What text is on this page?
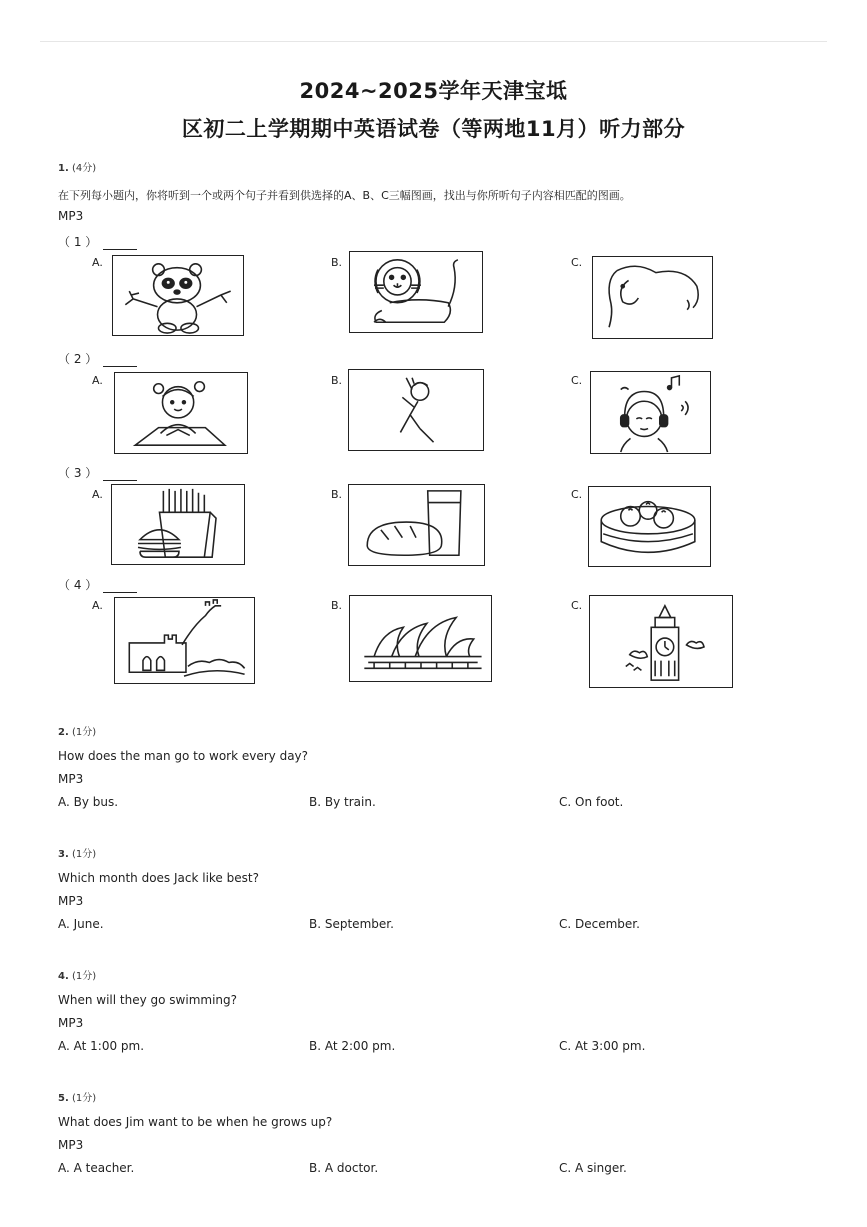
2024~2025学年天津宝坻
区初二上学期期中英语试卷（等两地11月）听力部分
1. (4分)
在下列每小题内，你将听到一个或两个句子并看到供选择的A、B、C三幅图画，找出与你所听句子内容相匹配的图画。
MP3
（ 1 ）
A.	B.	C.
（ 2 ）
A.	B.	C.
（ 3 ）
A.	B.	C.
（ 4 ）
A.	B.	C.
2. (1分)
How does the man go to work every day?
MP3
A. By bus.	B. By train.	C. On foot.
3. (1分)
Which month does Jack like best?
MP3
A. June.	B. September.	C. December.
4. (1分)
When will they go swimming?
MP3
A. At 1:00 pm.	B. At 2:00 pm.	C. At 3:00 pm.
5. (1分)
What does Jim want to be when he grows up?
MP3
A. A teacher.	B. A doctor.	C. A singer.
